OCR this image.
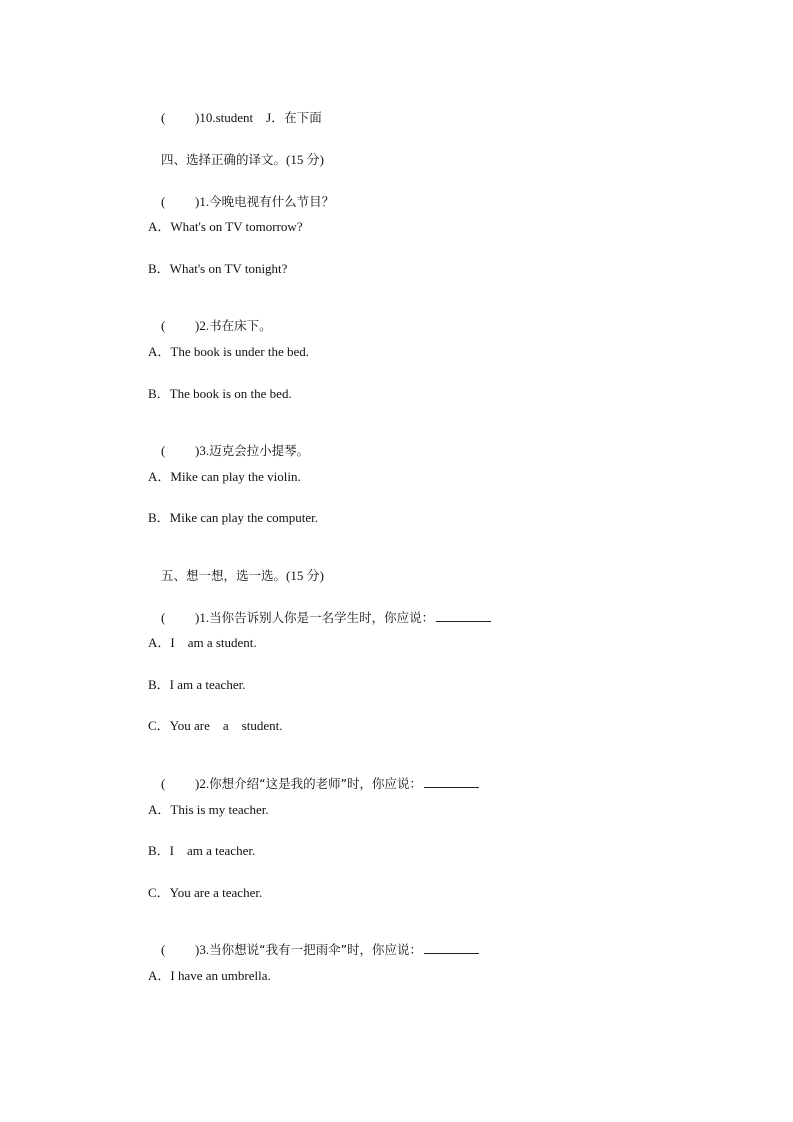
( )10.student    J．在下面

四、选择正确的译文。(15 分)

( )1.今晚电视有什么节目？

A．What's on TV tomorrow?
B．What's on TV tonight?

( )2.书在床下。

A．The book is under the bed.
B．The book is on the bed.

( )3.迈克会拉小提琴。

A．Mike can play the violin.
B．Mike can play the computer.

五、想一想，选一选。(15 分)

( )1.当你告诉别人你是一名学生时，你应说：

A．I    am a student.
B．I am a teacher.
C．You are    a    student.

( )2.你想介绍“这是我的老师”时，你应说：

A．This is my teacher.
B．I    am a teacher.
C．You are a teacher.

( )3.当你想说“我有一把雨伞”时，你应说：

A．I have an umbrella.
